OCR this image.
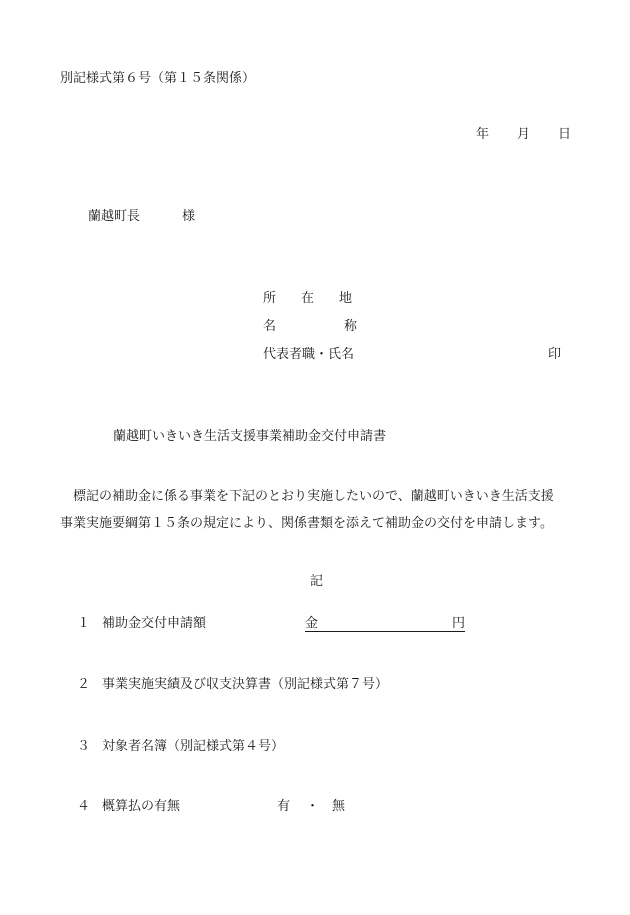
別記様式第６号（第１５条関係）
年 月 日
蘭越町長	様
所 在 地
名	称
代表者職・氏名	印
蘭越町いきいき生活支援事業補助金交付申請書
標記の補助金に係る事業を下記のとおり実施したいので、蘭越町いきいき生活支援
事業実施要綱第１５条の規定により、関係書類を添えて補助金の交付を申請します。
記
１ 補助金交付申請額	金	円
２ 事業実施実績及び収支決算書（別記様式第７号）
３ 対象者名簿（別記様式第４号）
４ 概算払の有無	有 ・ 無
